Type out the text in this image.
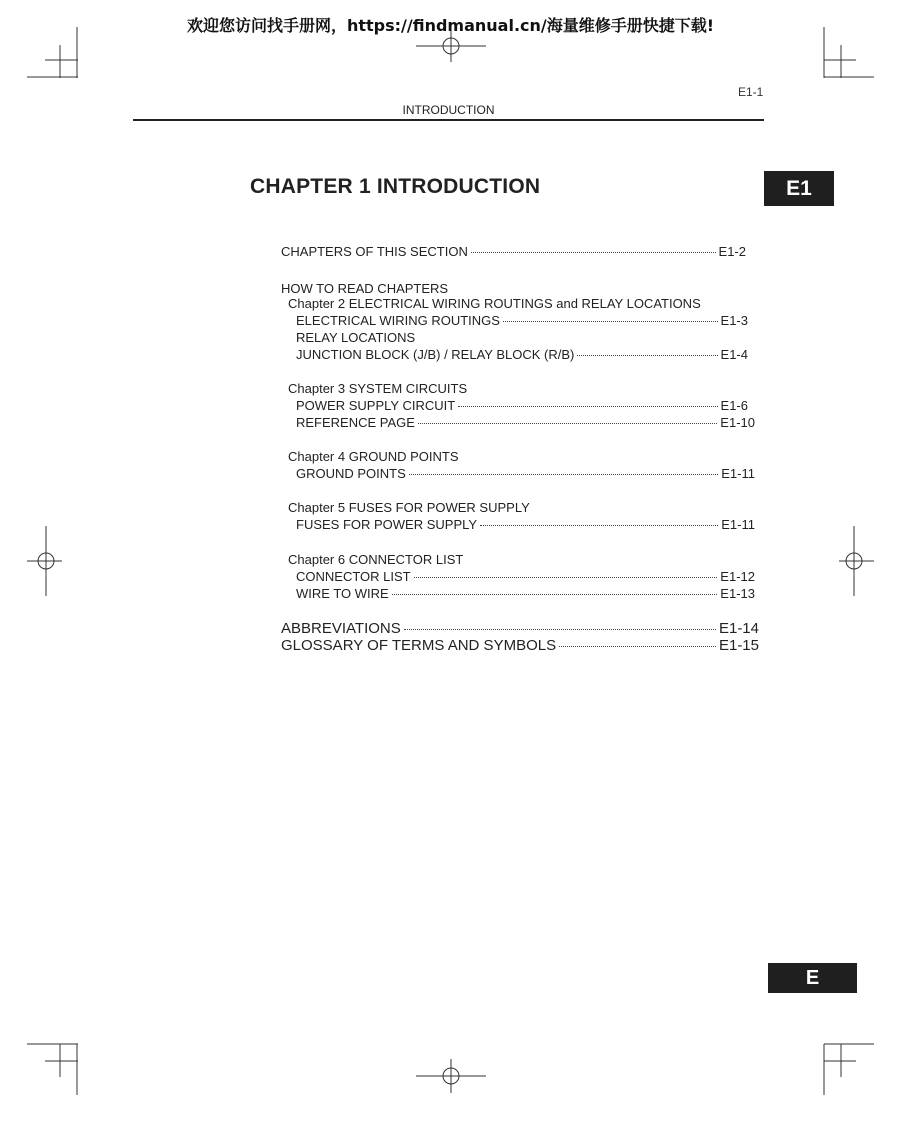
欢迎您访问找手册网，https://findmanual.cn/海量维修手册快捷下载!
E1-1
INTRODUCTION
CHAPTER 1 INTRODUCTION	E1
E
CHAPTERS OF THIS SECTION	E1-2
HOW TO READ CHAPTERS
Chapter 2 ELECTRICAL WIRING ROUTINGS and RELAY LOCATIONS
ELECTRICAL WIRING ROUTINGS	E1-3
RELAY LOCATIONS
JUNCTION BLOCK (J/B) / RELAY BLOCK (R/B)	E1-4
Chapter 3 SYSTEM CIRCUITS
POWER SUPPLY CIRCUIT	E1-6
REFERENCE PAGE	E1-10
Chapter 4 GROUND POINTS
GROUND POINTS	E1-11
Chapter 5 FUSES FOR POWER SUPPLY
FUSES FOR POWER SUPPLY	E1-11
Chapter 6 CONNECTOR LIST
CONNECTOR LIST	E1-12
WIRE TO WIRE	E1-13
ABBREVIATIONS	E1-14
GLOSSARY OF TERMS AND SYMBOLS	E1-15
